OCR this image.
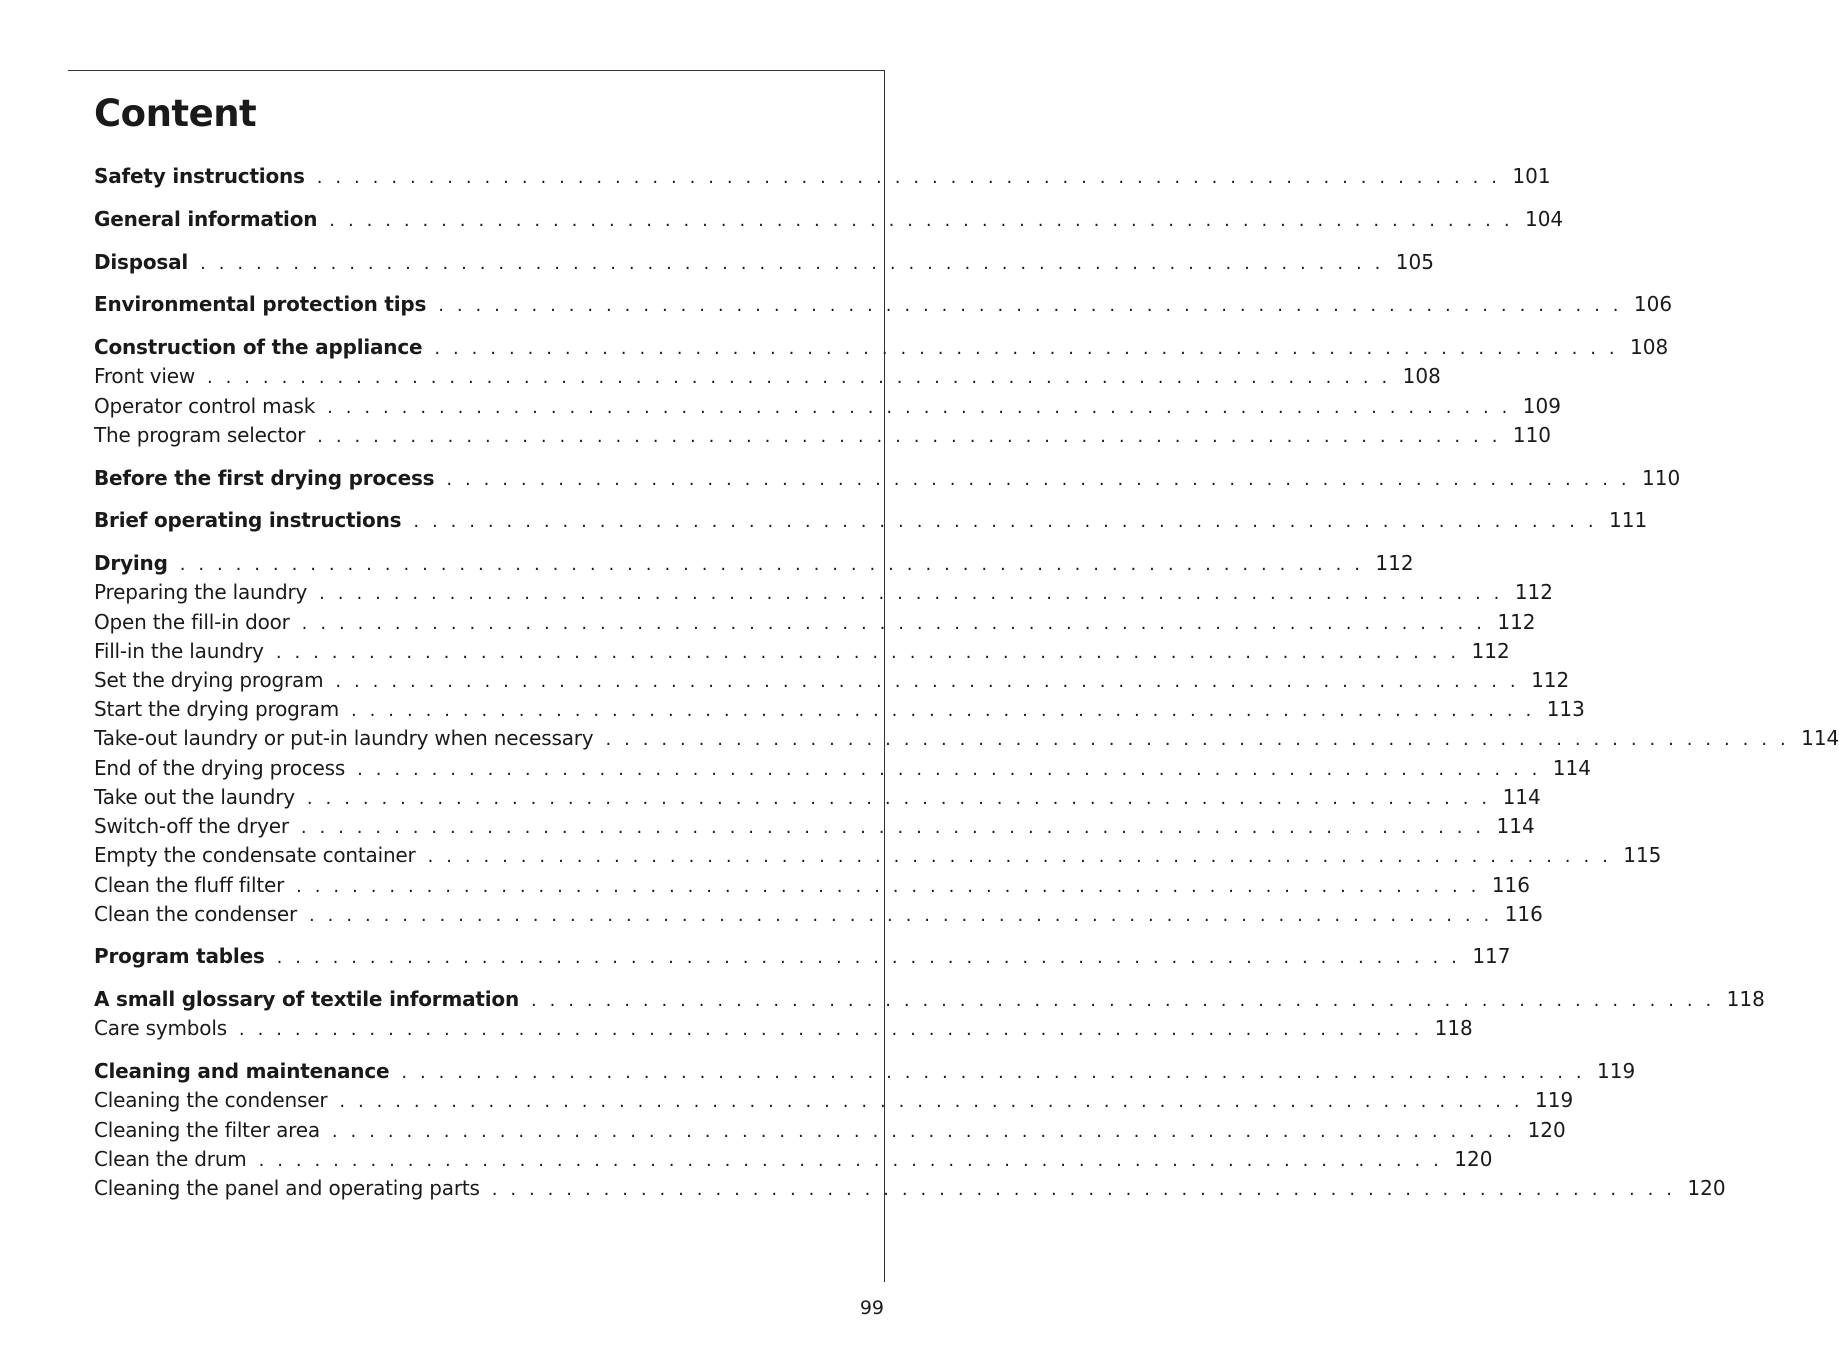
Content
Safety instructions . . . . . . . . . . . . . . . . . . . . . . . . . . . . . . . . . . . . . . . . . . . . . . . . . . . . . . . . . . . . . . . . 101
General information . . . . . . . . . . . . . . . . . . . . . . . . . . . . . . . . . . . . . . . . . . . . . . . . . . . . . . . . . . . . . . . . 104
Disposal . . . . . . . . . . . . . . . . . . . . . . . . . . . . . . . . . . . . . . . . . . . . . . . . . . . . . . . . . . . . . . . . 105
Environmental protection tips . . . . . . . . . . . . . . . . . . . . . . . . . . . . . . . . . . . . . . . . . . . . . . . . . . . . . . . . . . . . . . . . 106
Construction of the appliance . . . . . . . . . . . . . . . . . . . . . . . . . . . . . . . . . . . . . . . . . . . . . . . . . . . . . . . . . . . . . . . . 108
Front view . . . . . . . . . . . . . . . . . . . . . . . . . . . . . . . . . . . . . . . . . . . . . . . . . . . . . . . . . . . . . . . . 108
Operator control mask . . . . . . . . . . . . . . . . . . . . . . . . . . . . . . . . . . . . . . . . . . . . . . . . . . . . . . . . . . . . . . . . 109
The program selector . . . . . . . . . . . . . . . . . . . . . . . . . . . . . . . . . . . . . . . . . . . . . . . . . . . . . . . . . . . . . . . . 110
Before the first drying process . . . . . . . . . . . . . . . . . . . . . . . . . . . . . . . . . . . . . . . . . . . . . . . . . . . . . . . . . . . . . . . . 110
Brief operating instructions . . . . . . . . . . . . . . . . . . . . . . . . . . . . . . . . . . . . . . . . . . . . . . . . . . . . . . . . . . . . . . . . 111
Drying . . . . . . . . . . . . . . . . . . . . . . . . . . . . . . . . . . . . . . . . . . . . . . . . . . . . . . . . . . . . . . . . 112
Preparing the laundry . . . . . . . . . . . . . . . . . . . . . . . . . . . . . . . . . . . . . . . . . . . . . . . . . . . . . . . . . . . . . . . . 112
Open the fill-in door . . . . . . . . . . . . . . . . . . . . . . . . . . . . . . . . . . . . . . . . . . . . . . . . . . . . . . . . . . . . . . . . 112
Fill-in the laundry . . . . . . . . . . . . . . . . . . . . . . . . . . . . . . . . . . . . . . . . . . . . . . . . . . . . . . . . . . . . . . . . 112
Set the drying program . . . . . . . . . . . . . . . . . . . . . . . . . . . . . . . . . . . . . . . . . . . . . . . . . . . . . . . . . . . . . . . . 112
Start the drying program . . . . . . . . . . . . . . . . . . . . . . . . . . . . . . . . . . . . . . . . . . . . . . . . . . . . . . . . . . . . . . . . 113
Take-out laundry or put-in laundry when necessary . . . . . . . . . . . . . . . . . . . . . . . . . . . . . . . . . . . . . . . . . . . . . . . . . . . . . . . . . . . . . . . . 114
End of the drying process . . . . . . . . . . . . . . . . . . . . . . . . . . . . . . . . . . . . . . . . . . . . . . . . . . . . . . . . . . . . . . . . 114
Take out the laundry . . . . . . . . . . . . . . . . . . . . . . . . . . . . . . . . . . . . . . . . . . . . . . . . . . . . . . . . . . . . . . . . 114
Switch-off the dryer . . . . . . . . . . . . . . . . . . . . . . . . . . . . . . . . . . . . . . . . . . . . . . . . . . . . . . . . . . . . . . . . 114
Empty the condensate container . . . . . . . . . . . . . . . . . . . . . . . . . . . . . . . . . . . . . . . . . . . . . . . . . . . . . . . . . . . . . . . . 115
Clean the fluff filter . . . . . . . . . . . . . . . . . . . . . . . . . . . . . . . . . . . . . . . . . . . . . . . . . . . . . . . . . . . . . . . . 116
Clean the condenser . . . . . . . . . . . . . . . . . . . . . . . . . . . . . . . . . . . . . . . . . . . . . . . . . . . . . . . . . . . . . . . . 116
Program tables . . . . . . . . . . . . . . . . . . . . . . . . . . . . . . . . . . . . . . . . . . . . . . . . . . . . . . . . . . . . . . . . 117
A small glossary of textile information . . . . . . . . . . . . . . . . . . . . . . . . . . . . . . . . . . . . . . . . . . . . . . . . . . . . . . . . . . . . . . . . 118
Care symbols . . . . . . . . . . . . . . . . . . . . . . . . . . . . . . . . . . . . . . . . . . . . . . . . . . . . . . . . . . . . . . . . 118
Cleaning and maintenance . . . . . . . . . . . . . . . . . . . . . . . . . . . . . . . . . . . . . . . . . . . . . . . . . . . . . . . . . . . . . . . . 119
Cleaning the condenser . . . . . . . . . . . . . . . . . . . . . . . . . . . . . . . . . . . . . . . . . . . . . . . . . . . . . . . . . . . . . . . . 119
Cleaning the filter area . . . . . . . . . . . . . . . . . . . . . . . . . . . . . . . . . . . . . . . . . . . . . . . . . . . . . . . . . . . . . . . . 120
Clean the drum . . . . . . . . . . . . . . . . . . . . . . . . . . . . . . . . . . . . . . . . . . . . . . . . . . . . . . . . . . . . . . . . 120
Cleaning the panel and operating parts . . . . . . . . . . . . . . . . . . . . . . . . . . . . . . . . . . . . . . . . . . . . . . . . . . . . . . . . . . . . . . . . 120
99
